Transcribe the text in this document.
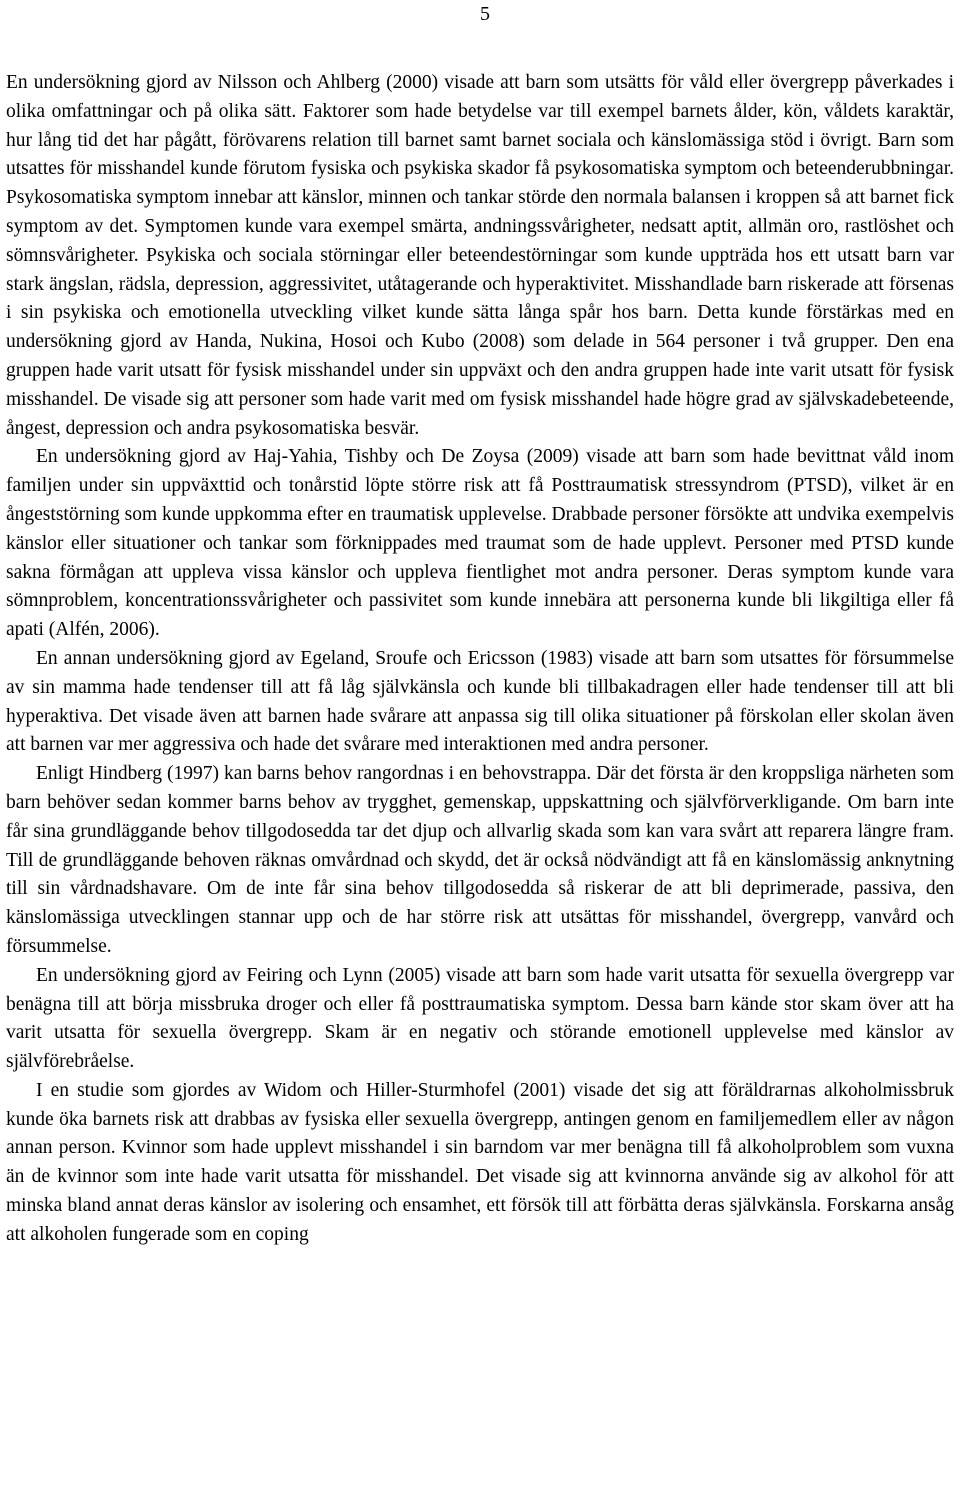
5

En undersökning gjord av Nilsson och Ahlberg (2000) visade att barn som utsätts för våld eller övergrepp påverkades i olika omfattningar och på olika sätt. Faktorer som hade betydelse var till exempel barnets ålder, kön, våldets karaktär, hur lång tid det har pågått, förövarens relation till barnet samt barnet sociala och känslomässiga stöd i övrigt. Barn som utsattes för misshandel kunde förutom fysiska och psykiska skador få psykosomatiska symptom och beteenderubbningar. Psykosomatiska symptom innebar att känslor, minnen och tankar störde den normala balansen i kroppen så att barnet fick symptom av det. Symptomen kunde vara exempel smärta, andningssvårigheter, nedsatt aptit, allmän oro, rastlöshet och sömnsvårigheter. Psykiska och sociala störningar eller beteendestörningar som kunde uppträda hos ett utsatt barn var stark ängslan, rädsla, depression, aggressivitet, utåtagerande och hyperaktivitet. Misshandlade barn riskerade att försenas i sin psykiska och emotionella utveckling vilket kunde sätta långa spår hos barn. Detta kunde förstärkas med en undersökning gjord av Handa, Nukina, Hosoi och Kubo (2008) som delade in 564 personer i två grupper. Den ena gruppen hade varit utsatt för fysisk misshandel under sin uppväxt och den andra gruppen hade inte varit utsatt för fysisk misshandel. De visade sig att personer som hade varit med om fysisk misshandel hade högre grad av självskadebeteende, ångest, depression och andra psykosomatiska besvär.

En undersökning gjord av Haj-Yahia, Tishby och De Zoysa (2009) visade att barn som hade bevittnat våld inom familjen under sin uppväxttid och tonårstid löpte större risk att få Posttraumatisk stressyndrom (PTSD), vilket är en ångeststörning som kunde uppkomma efter en traumatisk upplevelse. Drabbade personer försökte att undvika exempelvis känslor eller situationer och tankar som förknippades med traumat som de hade upplevt. Personer med PTSD kunde sakna förmågan att uppleva vissa känslor och uppleva fientlighet mot andra personer. Deras symptom kunde vara sömnproblem, koncentrationssvårigheter och passivitet som kunde innebära att personerna kunde bli likgiltiga eller få apati (Alfén, 2006).

En annan undersökning gjord av Egeland, Sroufe och Ericsson (1983) visade att barn som utsattes för försummelse av sin mamma hade tendenser till att få låg självkänsla och kunde bli tillbakadragen eller hade tendenser till att bli hyperaktiva. Det visade även att barnen hade svårare att anpassa sig till olika situationer på förskolan eller skolan även att barnen var mer aggressiva och hade det svårare med interaktionen med andra personer.

Enligt Hindberg (1997) kan barns behov rangordnas i en behovstrappa. Där det första är den kroppsliga närheten som barn behöver sedan kommer barns behov av trygghet, gemenskap, uppskattning och självförverkligande. Om barn inte får sina grundläggande behov tillgodosedda tar det djup och allvarlig skada som kan vara svårt att reparera längre fram. Till de grundläggande behoven räknas omvårdnad och skydd, det är också nödvändigt att få en känslomässig anknytning till sin vårdnadshavare. Om de inte får sina behov tillgodosedda så riskerar de att bli deprimerade, passiva, den känslomässiga utvecklingen stannar upp och de har större risk att utsättas för misshandel, övergrepp, vanvård och försummelse.

En undersökning gjord av Feiring och Lynn (2005) visade att barn som hade varit utsatta för sexuella övergrepp var benägna till att börja missbruka droger och eller få posttraumatiska symptom. Dessa barn kände stor skam över att ha varit utsatta för sexuella övergrepp. Skam är en negativ och störande emotionell upplevelse med känslor av självförebråelse.

I en studie som gjordes av Widom och Hiller-Sturmhofel (2001) visade det sig att föräldrarnas alkoholmissbruk kunde öka barnets risk att drabbas av fysiska eller sexuella övergrepp, antingen genom en familjemedlem eller av någon annan person. Kvinnor som hade upplevt misshandel i sin barndom var mer benägna till få alkoholproblem som vuxna än de kvinnor som inte hade varit utsatta för misshandel. Det visade sig att kvinnorna använde sig av alkohol för att minska bland annat deras känslor av isolering och ensamhet, ett försök till att förbätta deras självkänsla. Forskarna ansåg att alkoholen fungerade som en coping
